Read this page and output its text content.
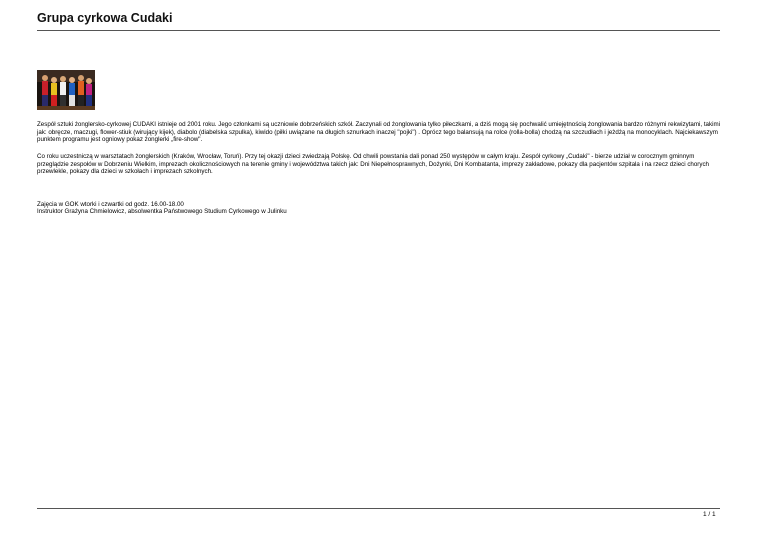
Grupa cyrkowa Cudaki

Zespół sztuki żonglersko-cyrkowej CUDAKI istnieje od 2001 roku. Jego członkami są uczniowie dobrzeńskich szkół. Zaczynali od żonglowania tylko piłeczkami, a dziś mogą się pochwalić umiejętnością żonglowania bardzo różnymi rekwizytami, takimi jak: obręcze, maczugi, flower-stiuk (wirujący kijek), diabolo (diabelska szpulka), kiwido (piłki uwiązane na długich sznurkach inaczej "pojki") . Oprócz tego balansują na rolce (rolla-bolla) chodzą na szczudłach i jeżdżą na monocyklach. Najciekawszym punktem programu jest ogniowy pokaz żonglerki „fire-show".

Co roku uczestniczą w warsztatach żonglerskich (Kraków, Wrocław, Toruń). Przy tej okazji dzieci zwiedzają Polskę. Od chwili powstania dali ponad 250 występów w całym kraju. Zespół cyrkowy „Cudaki" - bierze udział w corocznym gminnym przeglądzie zespołów w Dobrzeniu Wielkim, imprezach okolicznościowych na terenie gminy i województwa takich jak: Dni Niepełnosprawnych, Dożynki, Dni Kombatanta, imprezy zakładowe, pokazy dla pacjentów szpitala i na rzecz dzieci chorych przewlekle, pokazy dla dzieci w szkołach i imprezach szkolnych.

Zajęcia w GOK wtorki i czwartki od godz. 16.00-18.00

Instruktor Grażyna Chmielowicz, absolwentka Państwowego Studium Cyrkowego w Julinku

1 / 1
